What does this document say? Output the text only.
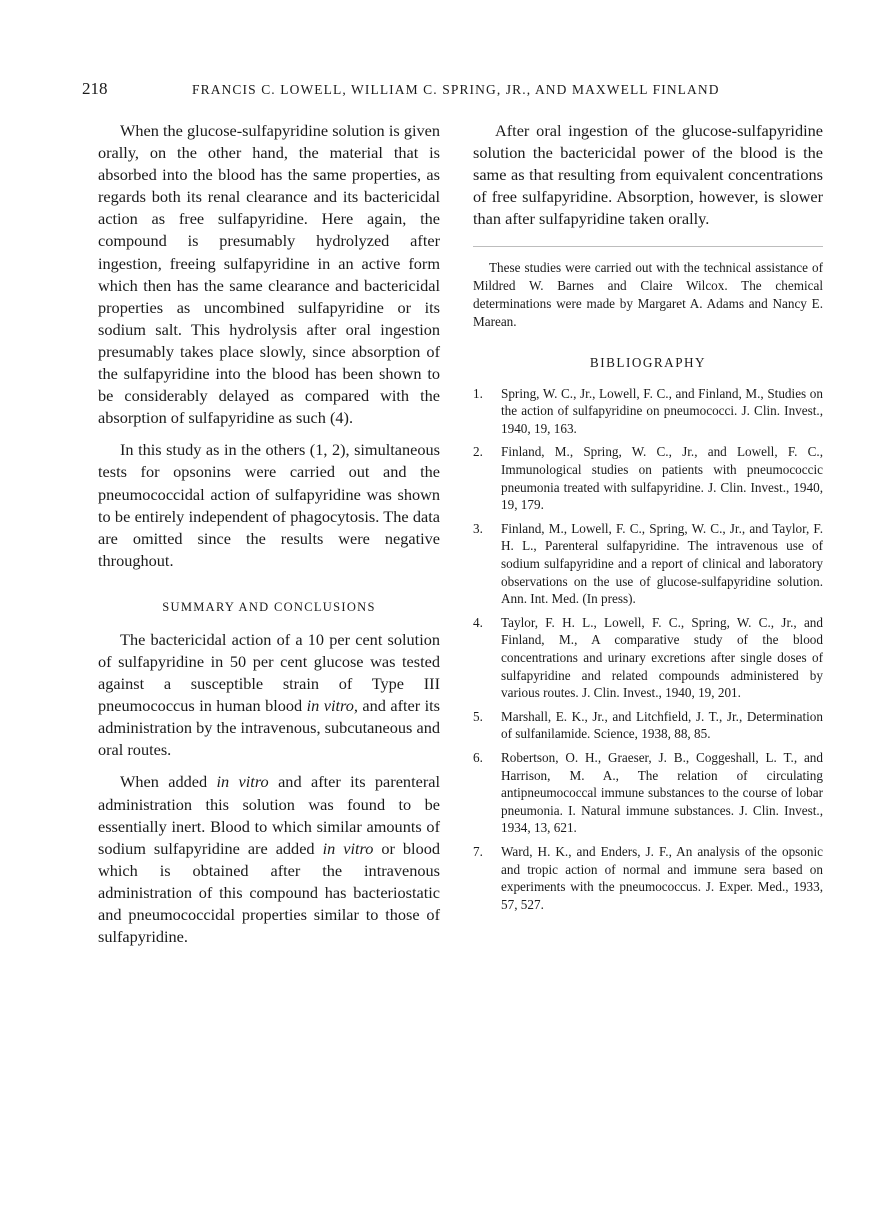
218	FRANCIS C. LOWELL, WILLIAM C. SPRING, JR., AND MAXWELL FINLAND

When the glucose-sulfapyridine solution is given orally, on the other hand, the material that is absorbed into the blood has the same properties, as regards both its renal clearance and its bactericidal action as free sulfapyridine. Here again, the compound is presumably hydrolyzed after ingestion, freeing sulfapyridine in an active form which then has the same clearance and bactericidal properties as uncombined sulfapyridine or its sodium salt. This hydrolysis after oral ingestion presumably takes place slowly, since absorption of the sulfapyridine into the blood has been shown to be considerably delayed as compared with the absorption of sulfapyridine as such (4).

In this study as in the others (1, 2), simultaneous tests for opsonins were carried out and the pneumococcidal action of sulfapyridine was shown to be entirely independent of phagocytosis. The data are omitted since the results were negative throughout.

SUMMARY AND CONCLUSIONS

The bactericidal action of a 10 per cent solution of sulfapyridine in 50 per cent glucose was tested against a susceptible strain of Type III pneumococcus in human blood in vitro, and after its administration by the intravenous, subcutaneous and oral routes.

When added in vitro and after its parenteral administration this solution was found to be essentially inert. Blood to which similar amounts of sodium sulfapyridine are added in vitro or blood which is obtained after the intravenous administration of this compound has bacteriostatic and pneumococcidal properties similar to those of sulfapyridine.

After oral ingestion of the glucose-sulfapyridine solution the bactericidal power of the blood is the same as that resulting from equivalent concentrations of free sulfapyridine. Absorption, however, is slower than after sulfapyridine taken orally.

These studies were carried out with the technical assistance of Mildred W. Barnes and Claire Wilcox. The chemical determinations were made by Margaret A. Adams and Nancy E. Marean.

BIBLIOGRAPHY
1. Spring, W. C., Jr., Lowell, F. C., and Finland, M., Studies on the action of sulfapyridine on pneumococci. J. Clin. Invest., 1940, 19, 163.
2. Finland, M., Spring, W. C., Jr., and Lowell, F. C., Immunological studies on patients with pneumococcic pneumonia treated with sulfapyridine. J. Clin. Invest., 1940, 19, 179.
3. Finland, M., Lowell, F. C., Spring, W. C., Jr., and Taylor, F. H. L., Parenteral sulfapyridine. The intravenous use of sodium sulfapyridine and a report of clinical and laboratory observations on the use of glucose-sulfapyridine solution. Ann. Int. Med. (In press).
4. Taylor, F. H. L., Lowell, F. C., Spring, W. C., Jr., and Finland, M., A comparative study of the blood concentrations and urinary excretions after single doses of sulfapyridine and related compounds administered by various routes. J. Clin. Invest., 1940, 19, 201.
5. Marshall, E. K., Jr., and Litchfield, J. T., Jr., Determination of sulfanilamide. Science, 1938, 88, 85.
6. Robertson, O. H., Graeser, J. B., Coggeshall, L. T., and Harrison, M. A., The relation of circulating antipneumococcal immune substances to the course of lobar pneumonia. I. Natural immune substances. J. Clin. Invest., 1934, 13, 621.
7. Ward, H. K., and Enders, J. F., An analysis of the opsonic and tropic action of normal and immune sera based on experiments with the pneumococcus. J. Exper. Med., 1933, 57, 527.
